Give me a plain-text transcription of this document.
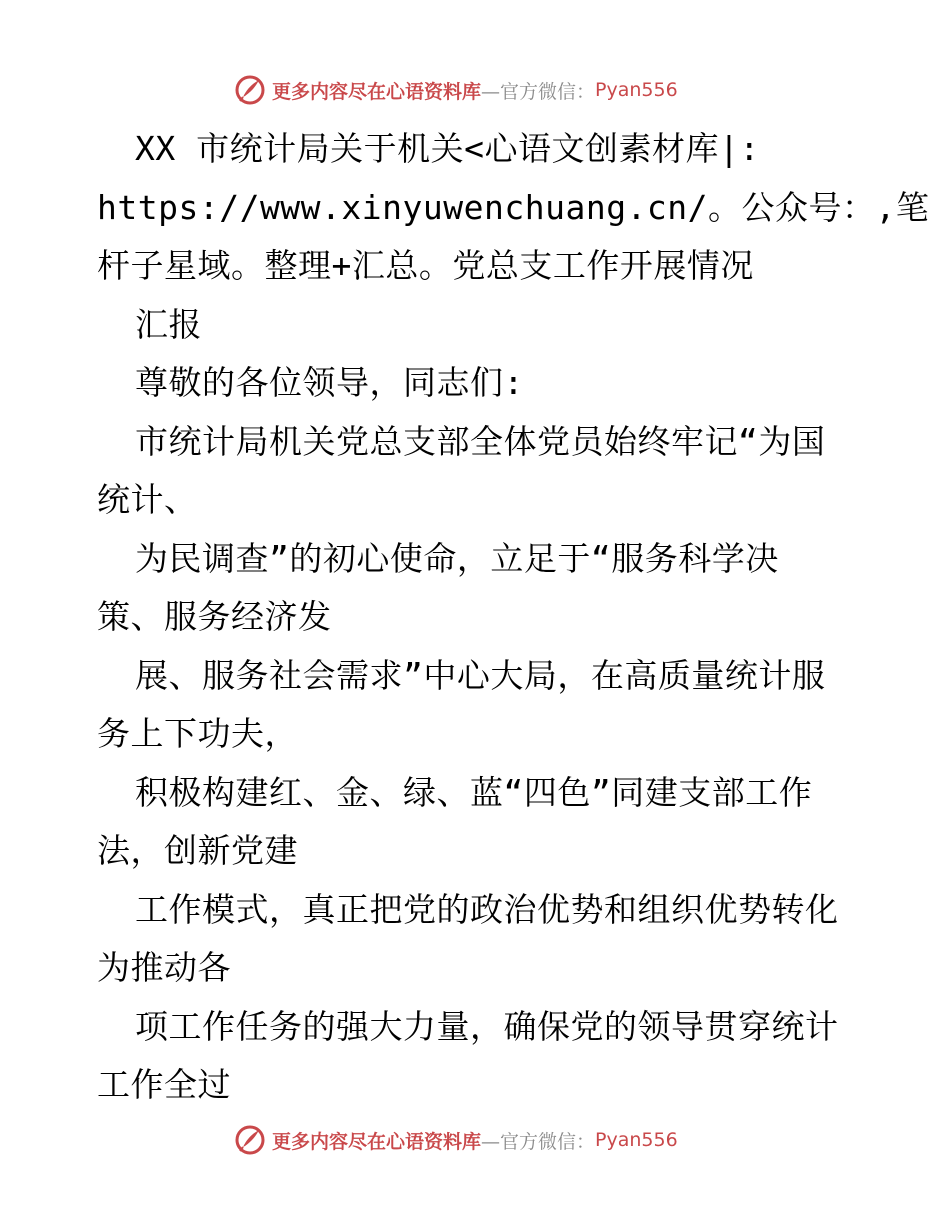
更多内容尽在心语资料库 —官方微信： Pyan556
XX 市统计局关于机关<心语文创素材库|:
https://www.xinyuwenchuang.cn/。公众号：,笔
杆子星域。整理+汇总。党总支工作开展情况
汇报
尊敬的各位领导，同志们:
市统计局机关党总支部全体党员始终牢记“为国
统计、
为民调查”的初心使命，立足于“服务科学决
策、服务经济发
展、服务社会需求”中心大局，在高质量统计服
务上下功夫，
积极构建红、金、绿、蓝“四色”同建支部工作
法，创新党建
工作模式，真正把党的政治优势和组织优势转化
为推动各
项工作任务的强大力量，确保党的领导贯穿统计
工作全过
更多内容尽在心语资料库 —官方微信： Pyan556
